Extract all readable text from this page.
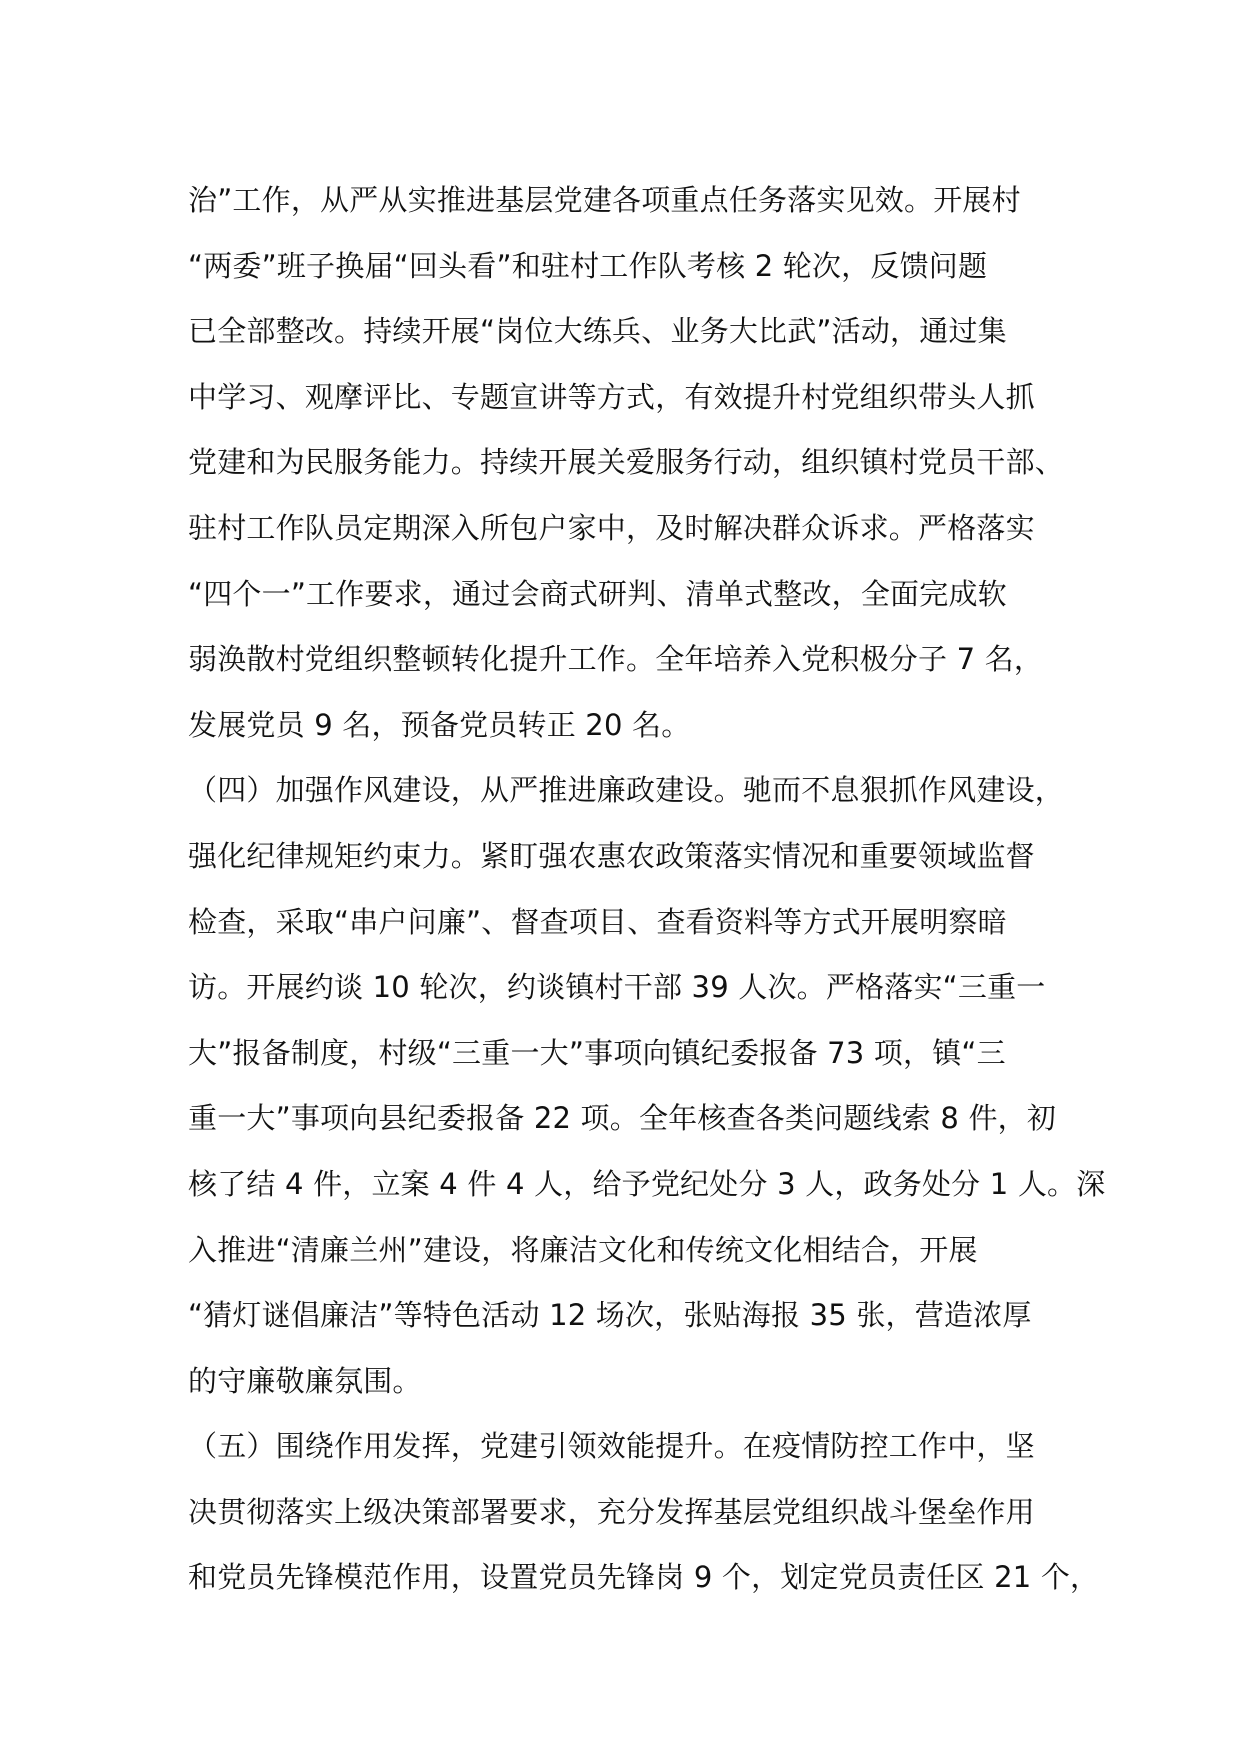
治”工作，从严从实推进基层党建各项重点任务落实见效。开展村
“两委”班子换届“回头看”和驻村工作队考核 2 轮次，反馈问题
已全部整改。持续开展“岗位大练兵、业务大比武”活动，通过集
中学习、观摩评比、专题宣讲等方式，有效提升村党组织带头人抓
党建和为民服务能力。持续开展关爱服务行动，组织镇村党员干部、
驻村工作队员定期深入所包户家中，及时解决群众诉求。严格落实
“四个一”工作要求，通过会商式研判、清单式整改，全面完成软
弱涣散村党组织整顿转化提升工作。全年培养入党积极分子 7 名，
发展党员 9 名，预备党员转正 20 名。
（四）加强作风建设，从严推进廉政建设。驰而不息狠抓作风建设，
强化纪律规矩约束力。紧盯强农惠农政策落实情况和重要领域监督
检查，采取“串户问廉”、督查项目、查看资料等方式开展明察暗
访。开展约谈 10 轮次，约谈镇村干部 39 人次。严格落实“三重一
大”报备制度，村级“三重一大”事项向镇纪委报备 73 项，镇“三
重一大”事项向县纪委报备 22 项。全年核查各类问题线索 8 件，初
核了结 4 件，立案 4 件 4 人，给予党纪处分 3 人，政务处分 1 人。深
入推进“清廉兰州”建设，将廉洁文化和传统文化相结合，开展
“猜灯谜倡廉洁”等特色活动 12 场次，张贴海报 35 张，营造浓厚
的守廉敬廉氛围。
（五）围绕作用发挥，党建引领效能提升。在疫情防控工作中，坚
决贯彻落实上级决策部署要求，充分发挥基层党组织战斗堡垒作用
和党员先锋模范作用，设置党员先锋岗 9 个，划定党员责任区 21 个，
